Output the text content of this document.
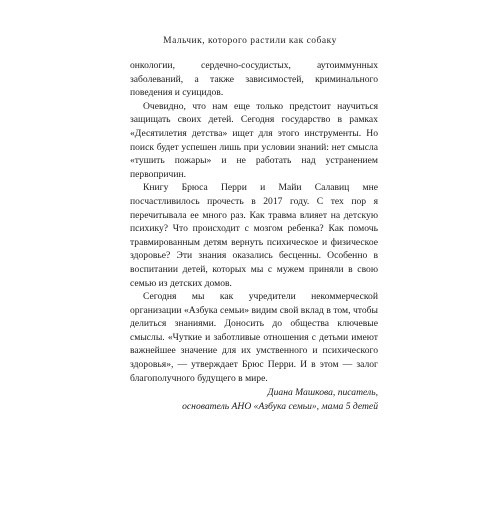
Мальчик, которого растили как собаку

онкологии, сердечно-сосудистых, аутоиммунных заболеваний, а также зависимостей, криминального поведения и суицидов.

Очевидно, что нам еще только предстоит научиться защищать своих детей. Сегодня государство в рамках «Десятилетия детства» ищет для этого инструменты. Но поиск будет успешен лишь при условии знаний: нет смысла «тушить пожары» и не работать над устранением первопричин.

Книгу Брюса Перри и Майи Салавиц мне посчастливилось прочесть в 2017 году. С тех пор я перечитывала ее много раз. Как травма влияет на детскую психику? Что происходит с мозгом ребенка? Как помочь травмированным детям вернуть психическое и физическое здоровье? Эти знания оказались бесценны. Особенно в воспитании детей, которых мы с мужем приняли в свою семью из детских домов.

Сегодня мы как учредители некоммерческой организации «Азбука семьи» видим свой вклад в том, чтобы делиться знаниями. Доносить до общества ключевые смыслы. «Чуткие и заботливые отношения с детьми имеют важнейшее значение для их умственного и психического здоровья», — утверждает Брюс Перри. И в этом — залог благополучного будущего в мире.

Диана Машкова, писатель,
основатель АНО «Азбука семьи», мама 5 детей
